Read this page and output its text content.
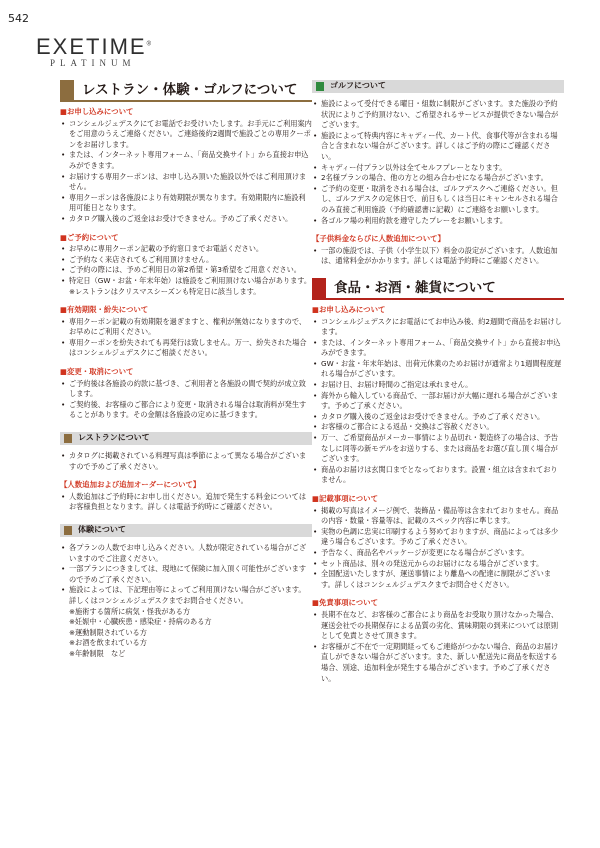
542
EXETIME®
PLATINUM
レストラン・体験・ゴルフについて
■お申し込みについて
• コンシェルジュデスクにてお電話でお受けいたします。お手元にご利用案内をご用意のうえご連絡ください。ご連絡後約2週間で施設ごとの専用クーポンをお届けします。
• または、インターネット専用フォーム、「商品交換サイト」から直接お申込みができます。
• お届けする専用クーポンは、お申し込み頂いた施設以外ではご利用頂けません。
• 専用クーポンは各施設により有効期限が異なります。有効期限内に施設利用可能日となります。
• カタログ購入後のご返金はお受けできません。予めご了承ください。
■ご予約について
• お早めに専用クーポン記載の予約窓口までお電話ください。
• ご予約なく来店されてもご利用頂けません。
• ご予約の際には、予めご利用日の第2希望・第3希望をご用意ください。
• 特定日（GW・お盆・年末年始）は施設をご利用頂けない場合があります。
※レストランはクリスマスシーズンも特定日に該当します。
■有効期限・紛失について
• 専用クーポン記載の有効期限を過ぎますと、権利が無効になりますので、お早めにご利用ください。
• 専用クーポンを紛失されても再発行は致しません。万一、紛失された場合はコンシェルジュデスクにご相談ください。
■変更・取消について
• ご予約後は各施設の約款に基づき、ご利用者と各施設の間で契約が成立致します。
• ご契約後、お客様のご都合により変更・取消される場合は取消料が発生することがあります。その金額は各施設の定めに基づきます。
レストランについて
• カタログに掲載されている料理写真は季節によって異なる場合がございますので予めご了承ください。
【人数追加および追加オーダーについて】
• 人数追加はご予約時にお申し出ください。追加で発生する料金についてはお客様負担となります。詳しくは電話予約時にご確認ください。
体験について
• 各プランの人数でお申し込みください。人数が限定されている場合がございますのでご注意ください。
• 一部プランにつきましては、現地にて保険に加入頂く可能性がございますので予めご了承ください。
• 施設によっては、下記理由等によってご利用頂けない場合がございます。詳しくはコンシェルジュデスクまでお問合せください。
※施術する箇所に病気・怪我がある方
※妊娠中・心臓疾患・感染症・持病のある方
※運動制限されている方
※お酒を飲まれている方
※年齢制限　など
ゴルフについて
• 施設によって受付できる曜日・組数に制限がございます。また施設の予約状況によりご予約頂けない、ご希望されるサービスが提供できない場合がございます。
• 施設によって特典内容にキャディー代、カート代、食事代等が含まれる場合と含まれない場合がございます。詳しくはご予約の際にご確認ください。
• キャディー付プラン以外は全てセルフプレーとなります。
• 2名様プランの場合、他の方との組み合わせになる場合がございます。
• ご予約の変更・取消をされる場合は、ゴルフデスクへご連絡ください。但し、ゴルフデスクの定休日で、前日もしくは当日にキャンセルされる場合のみ直接ご利用施設（予約確認書に記載）にご連絡をお願いします。
• 各ゴルフ場の利用約款を遵守したプレーをお願いします。
【子供料金ならびに人数追加について】
• 一部の施設では、子供（小学生以下）料金の設定がございます。人数追加は、通常料金がかかります。詳しくは電話予約時にご確認ください。
食品・お酒・雑貨について
■お申し込みについて
• コンシェルジュデスクにお電話にてお申込み後、約2週間で商品をお届けします。
• または、インターネット専用フォーム、「商品交換サイト」から直接お申込みができます。
• GW・お盆・年末年始は、出荷元休業のためお届けが通常より1週間程度遅れる場合がございます。
• お届け日、お届け時間のご指定は承れません。
• 海外から輸入している商品で、一部お届けが大幅に遅れる場合がございます。予めご了承ください。
• カタログ購入後のご返金はお受けできません。予めご了承ください。
• お客様のご都合による返品・交換はご容赦ください。
• 万一、ご希望商品がメーカー事情により品切れ・製造終了の場合は、予告なしに同等の新モデルをお送りする、または商品をお選び直し頂く場合がございます。
• 商品のお届けは玄関口までとなっております。設置・組立は含まれておりません。
■記載事項について
• 掲載の写真はイメージ例で、装飾品・備品等は含まれておりません。商品の内容・数量・容量等は、記載のスペック内容に準じます。
• 実物の色調に忠実に印刷するよう努めておりますが、商品によっては多少違う場合もございます。予めご了承ください。
• 予告なく、商品名やパッケージが変更になる場合がございます。
• セット商品は、別々の発送元からのお届けになる場合がございます。
• 全国配送いたしますが、運送事情により離島への配達に制限がございます。詳しくはコンシェルジュデスクまでお問合せください。
■免責事項について
• 長期不在など、お客様のご都合により商品をお受取り頂けなかった場合、運送会社での長期保存による品質の劣化、賞味期限の到来については原則として免責とさせて頂きます。
• お客様がご不在で一定期間経ってもご連絡がつかない場合、商品のお届け直しができない場合がございます。また、新しい配送先に商品を転送する場合、別途、追加料金が発生する場合がございます。予めご了承ください。
